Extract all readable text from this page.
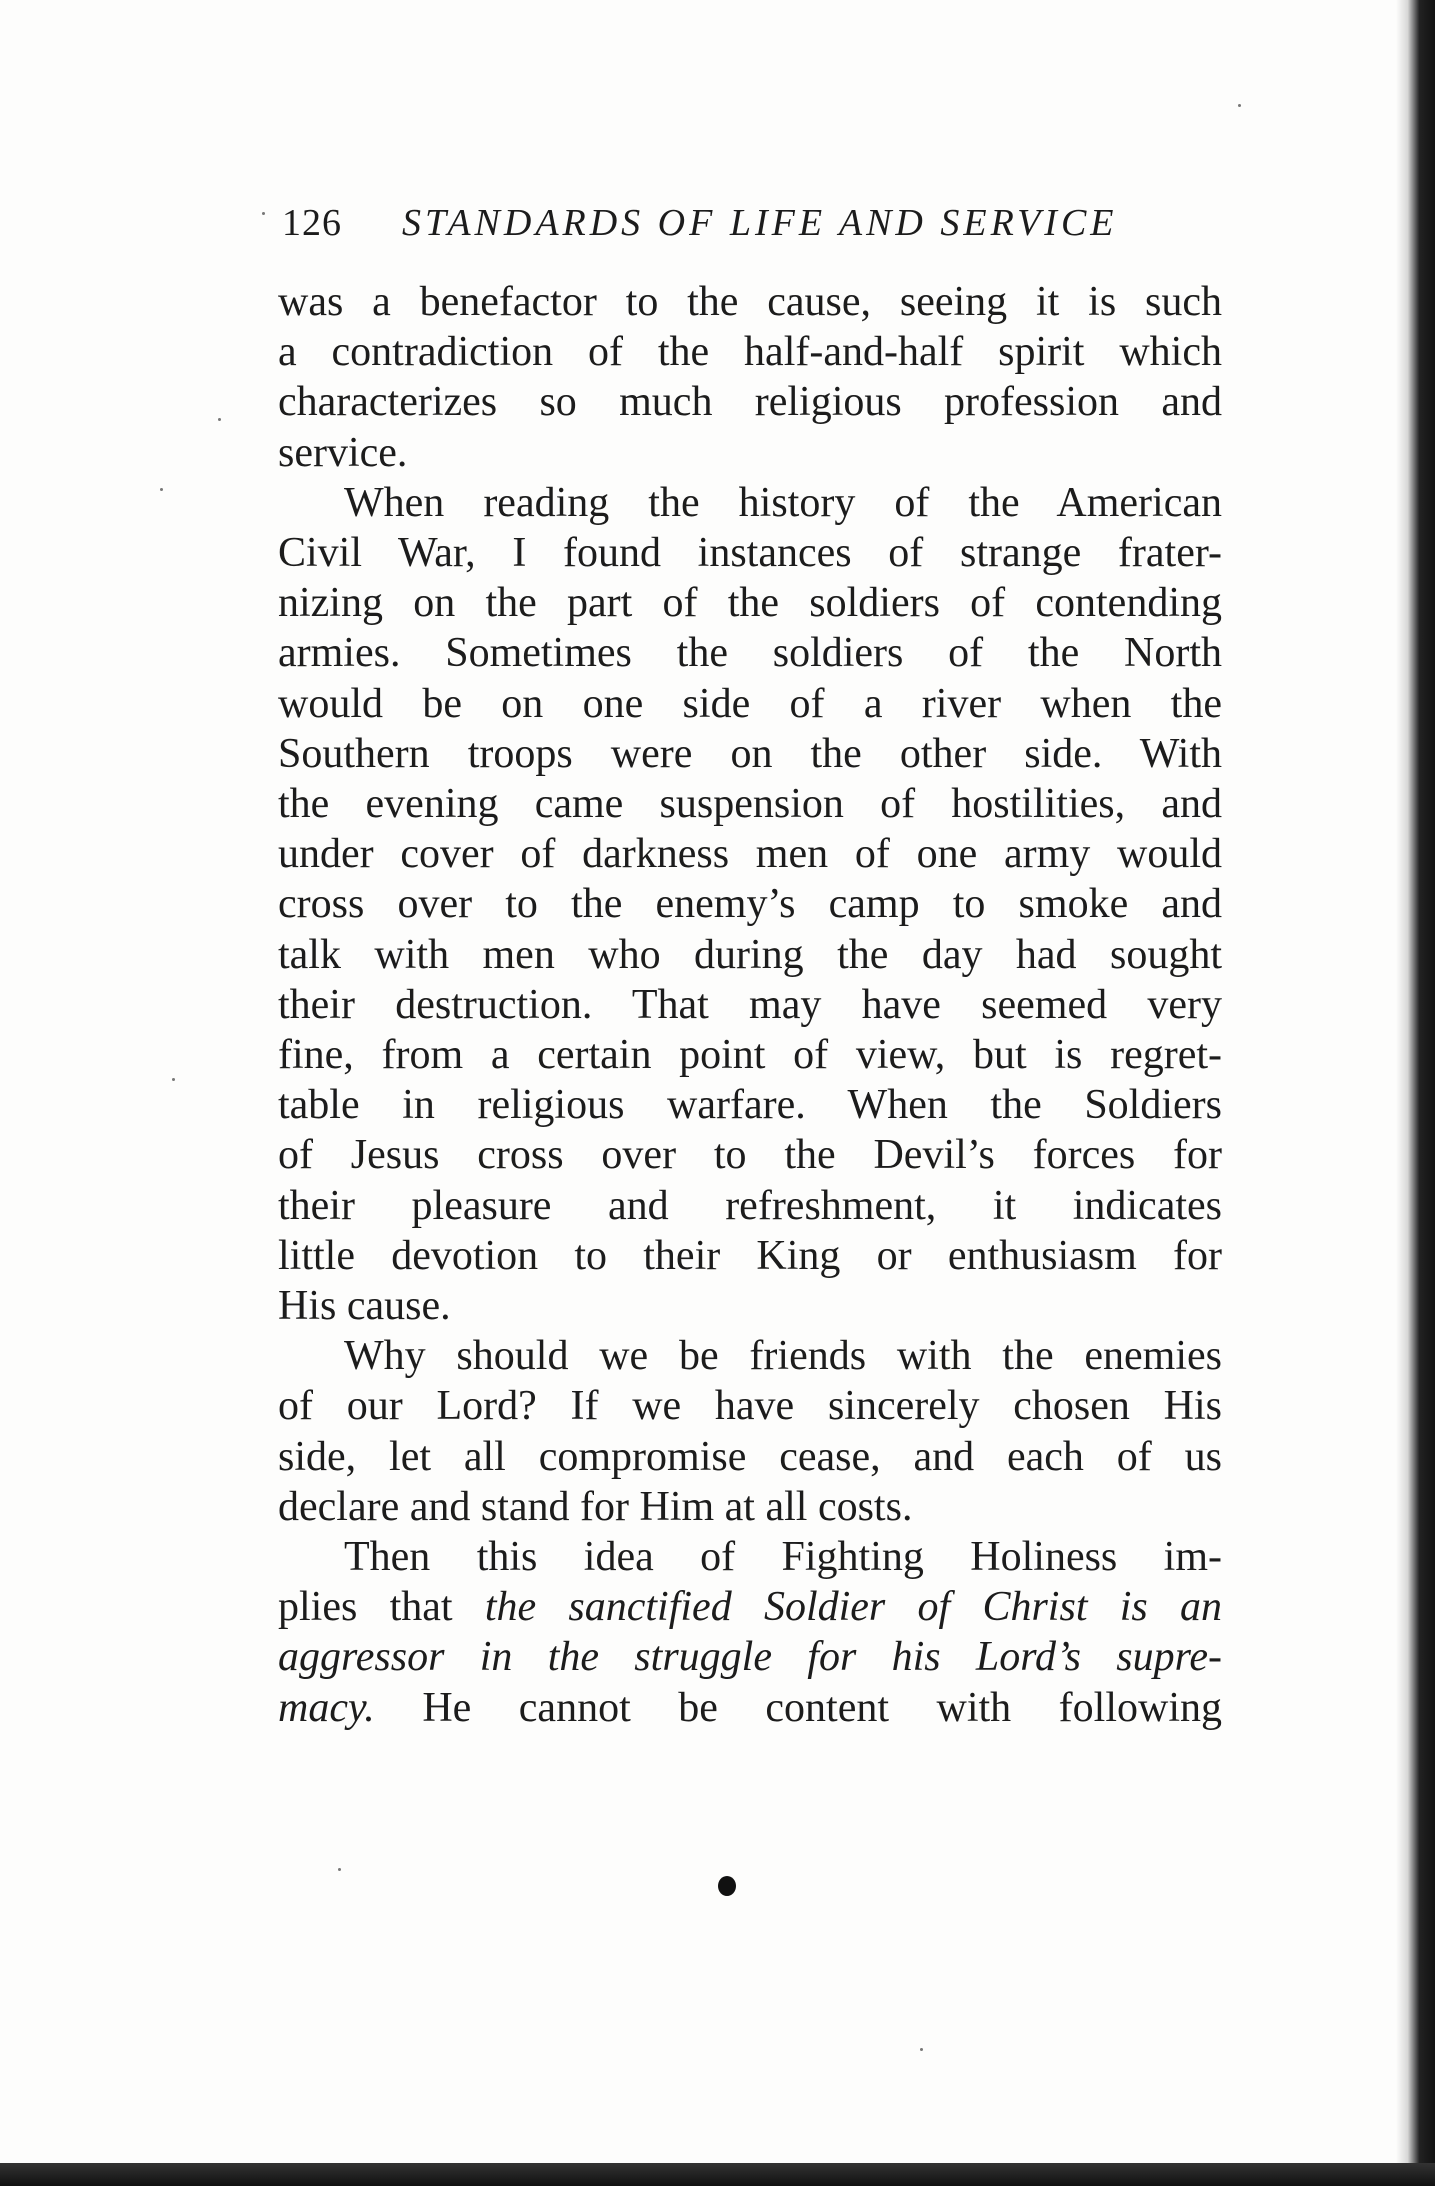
126 STANDARDS OF LIFE AND SERVICE

was a benefactor to the cause, seeing it is such
a contradiction of the half-and-half spirit which
characterizes so much religious profession and
service.

When reading the history of the American
Civil War, I found instances of strange frater-
nizing on the part of the soldiers of contending
armies. Sometimes the soldiers of the North
would be on one side of a river when the
Southern troops were on the other side. With
the evening came suspension of hostilities, and
under cover of darkness men of one army would
cross over to the enemy’s camp to smoke and
talk with men who during the day had sought
their destruction. That may have seemed very
fine, from a certain point of view, but is regret-
table in religious warfare. When the Soldiers
of Jesus cross over to the Devil’s forces for
their pleasure and refreshment, it indicates
little devotion to their King or enthusiasm for
His cause.

Why should we be friends with the enemies
of our Lord? If we have sincerely chosen His
side, let all compromise cease, and each of us
declare and stand for Him at all costs.

Then this idea of Fighting Holiness im-
plies that the sanctified Soldier of Christ is an
aggressor in the struggle for his Lord’s supre-
macy. He cannot be content with following
